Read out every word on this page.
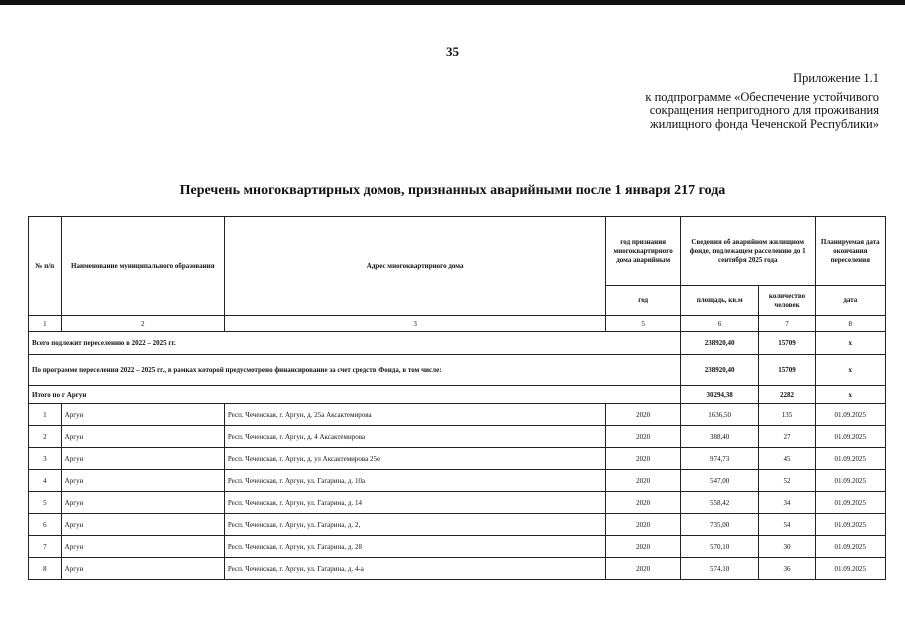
35
Приложение 1.1
к подпрограмме «Обеспечение устойчивого
сокращения непригодного для проживания
жилищного фонда Чеченской Республики»
Перечень многоквартирных домов, признанных аварийными после 1 января 217 года
№ п/п	Наименование муниципального образования	Адрес многоквартирного дома	год признания многоквартирного дома аварийным	Сведения об аварийном жилищном фонде, подлежащем расселению до 1 сентября 2025 года		Планируемая дата окончания переселения
			год	площадь, кв.м	количество человек	дата
1	2	3	5	6	7	8
Всего подлежит переселению в 2022 – 2025 гг.				238920,40	15709	х
По программе переселения 2022 – 2025 гг., в рамках которой предусмотрено финансирование за счет средств Фонда, в том числе:				238920,40	15709	х
Итого по г Аргун				30294,38	2282	х
1	Аргун	Респ. Чеченская, г. Аргун, д. 25а Аксактемирова	2020	1636,50	135	01.09.2025
2	Аргун	Респ. Чеченская, г. Аргун, д. 4 Аксактемирова	2020	388,40	27	01.09.2025
3	Аргун	Респ. Чеченская, г. Аргун, д. ул Аксактемирова 25е	2020	974,73	45	01.09.2025
4	Аргун	Респ. Чеченская, г. Аргун, ул. Гагарина, д. 10а	2020	547,00	52	01.09.2025
5	Аргун	Респ. Чеченская, г. Аргун, ул. Гагарина, д. 14	2020	558,42	34	01.09.2025
6	Аргун	Респ. Чеченская, г. Аргун, ул. Гагарина, д. 2,	2020	735,00	54	01.09.2025
7	Аргун	Респ. Чеченская, г. Аргун, ул. Гагарина, д. 28	2020	570,10	30	01.09.2025
8	Аргун	Респ. Чеченская, г. Аргун, ул. Гагарина, д. 4-а	2020	574,10	36	01.09.2025
